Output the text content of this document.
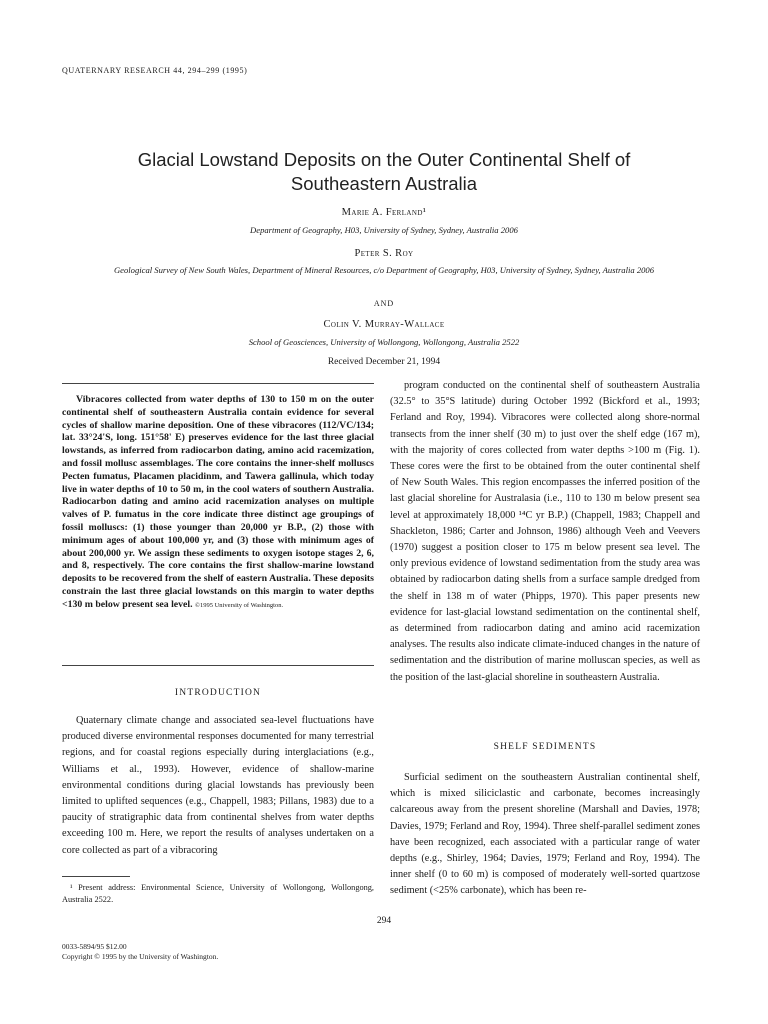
QUATERNARY RESEARCH 44, 294–299 (1995)
Glacial Lowstand Deposits on the Outer Continental Shelf of Southeastern Australia
Marie A. Ferland¹
Department of Geography, H03, University of Sydney, Sydney, Australia 2006
Peter S. Roy
Geological Survey of New South Wales, Department of Mineral Resources, c/o Department of Geography, H03, University of Sydney, Sydney, Australia 2006
AND
Colin V. Murray-Wallace
School of Geosciences, University of Wollongong, Wollongong, Australia 2522
Received December 21, 1994
Vibracores collected from water depths of 130 to 150 m on the outer continental shelf of southeastern Australia contain evidence for several cycles of shallow marine deposition. One of these vibracores (112/VC/134; lat. 33°24'S, long. 151°58' E) preserves evidence for the last three glacial lowstands, as inferred from radiocarbon dating, amino acid racemization, and fossil mollusc assemblages. The core contains the inner-shelf molluscs Pecten fumatus, Placamen placidinm, and Tawera gallinula, which today live in water depths of 10 to 50 m, in the cool waters of southern Australia. Radiocarbon dating and amino acid racemization analyses on multiple valves of P. fumatus in the core indicate three distinct age groupings of fossil molluscs: (1) those younger than 20,000 yr B.P., (2) those with minimum ages of about 100,000 yr, and (3) those with minimum ages of about 200,000 yr. We assign these sediments to oxygen isotope stages 2, 6, and 8, respectively. The core contains the first shallow-marine lowstand deposits to be recovered from the shelf of eastern Australia. These deposits constrain the last three glacial lowstands on this margin to water depths <130 m below present sea level. ©1995 University of Washington.
INTRODUCTION
Quaternary climate change and associated sea-level fluctuations have produced diverse environmental responses documented for many terrestrial regions, and for coastal regions especially during interglaciations (e.g., Williams et al., 1993). However, evidence of shallow-marine environmental conditions during glacial lowstands has previously been limited to uplifted sequences (e.g., Chappell, 1983; Pillans, 1983) due to a paucity of stratigraphic data from continental shelves from water depths exceeding 100 m. Here, we report the results of analyses undertaken on a core collected as part of a vibracoring
¹ Present address: Environmental Science, University of Wollongong, Wollongong, Australia 2522.
program conducted on the continental shelf of southeastern Australia (32.5° to 35°S latitude) during October 1992 (Bickford et al., 1993; Ferland and Roy, 1994). Vibracores were collected along shore-normal transects from the inner shelf (30 m) to just over the shelf edge (167 m), with the majority of cores collected from water depths >100 m (Fig. 1). These cores were the first to be obtained from the outer continental shelf of New South Wales. This region encompasses the inferred position of the last glacial shoreline for Australasia (i.e., 110 to 130 m below present sea level at approximately 18,000 ¹⁴C yr B.P.) (Chappell, 1983; Chappell and Shackleton, 1986; Carter and Johnson, 1986) although Veeh and Veevers (1970) suggest a position closer to 175 m below present sea level. The only previous evidence of lowstand sedimentation from the study area was obtained by radiocarbon dating shells from a surface sample dredged from the shelf in 138 m of water (Phipps, 1970). This paper presents new evidence for last-glacial lowstand sedimentation on the continental shelf, as determined from radiocarbon dating and amino acid racemization analyses. The results also indicate climate-induced changes in the nature of sedimentation and the distribution of marine molluscan species, as well as the position of the last-glacial shoreline in southeastern Australia.
SHELF SEDIMENTS
Surficial sediment on the southeastern Australian continental shelf, which is mixed siliciclastic and carbonate, becomes increasingly calcareous away from the present shoreline (Marshall and Davies, 1978; Davies, 1979; Ferland and Roy, 1994). Three shelf-parallel sediment zones have been recognized, each associated with a particular range of water depths (e.g., Shirley, 1964; Davies, 1979; Ferland and Roy, 1994). The inner shelf (0 to 60 m) is composed of moderately well-sorted quartzose sediment (<25% carbonate), which has been re-
294
0033-5894/95 $12.00
Copyright © 1995 by the University of Washington.
